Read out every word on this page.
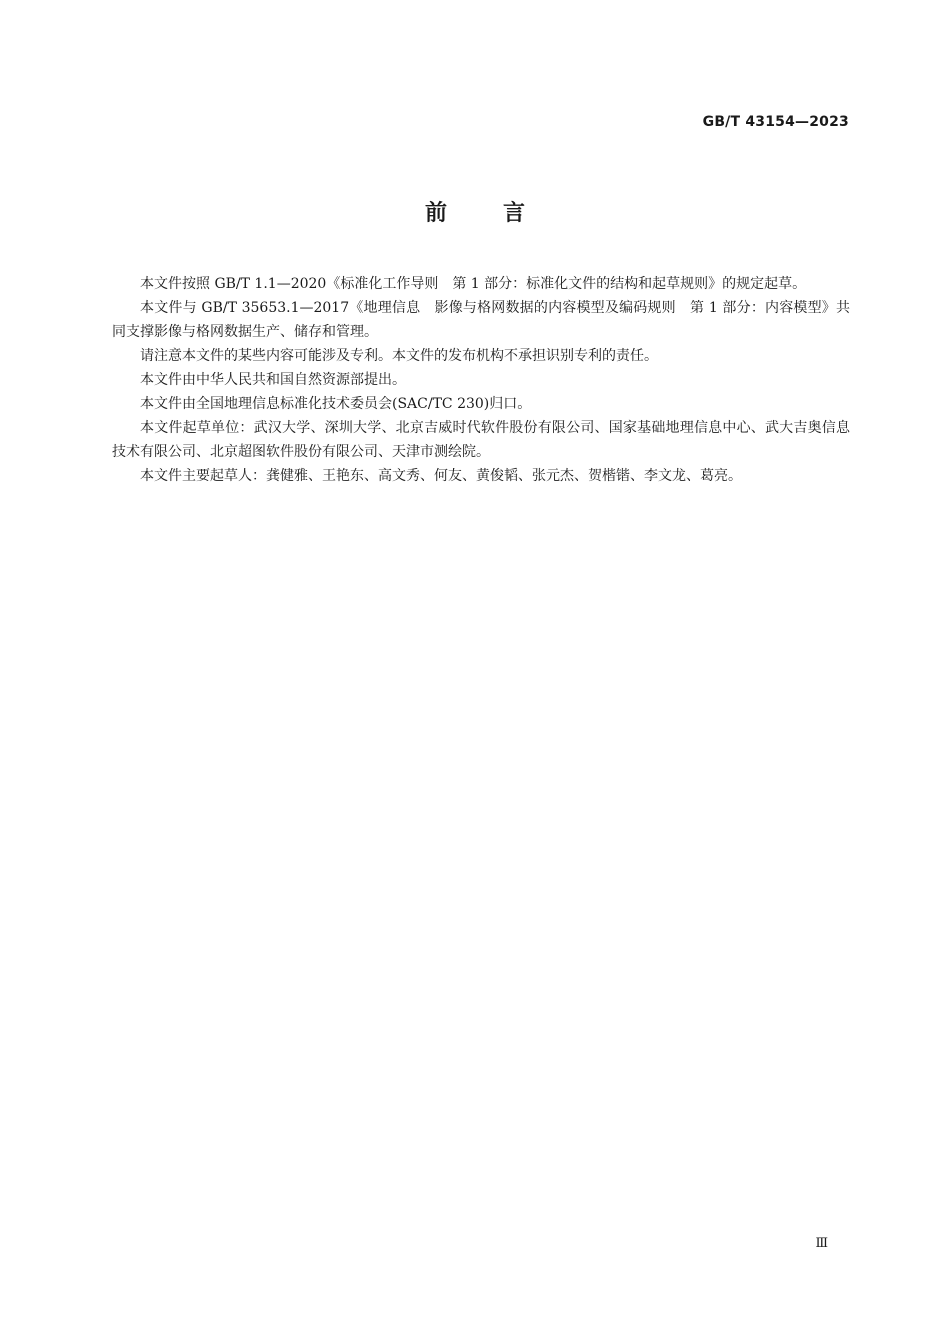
GB/T 43154—2023
前言

本文件按照 GB/T 1.1—2020《标准化工作导则　第 1 部分：标准化文件的结构和起草规则》的规定起草。

本文件与 GB/T 35653.1—2017《地理信息　影像与格网数据的内容模型及编码规则　第 1 部分：内容模型》共同支撑影像与格网数据生产、储存和管理。

请注意本文件的某些内容可能涉及专利。本文件的发布机构不承担识别专利的责任。

本文件由中华人民共和国自然资源部提出。

本文件由全国地理信息标准化技术委员会(SAC/TC 230)归口。

本文件起草单位：武汉大学、深圳大学、北京吉威时代软件股份有限公司、国家基础地理信息中心、武大吉奥信息技术有限公司、北京超图软件股份有限公司、天津市测绘院。

本文件主要起草人：龚健雅、王艳东、高文秀、何友、黄俊韬、张元杰、贺楷锴、李文龙、葛亮。

Ⅲ
